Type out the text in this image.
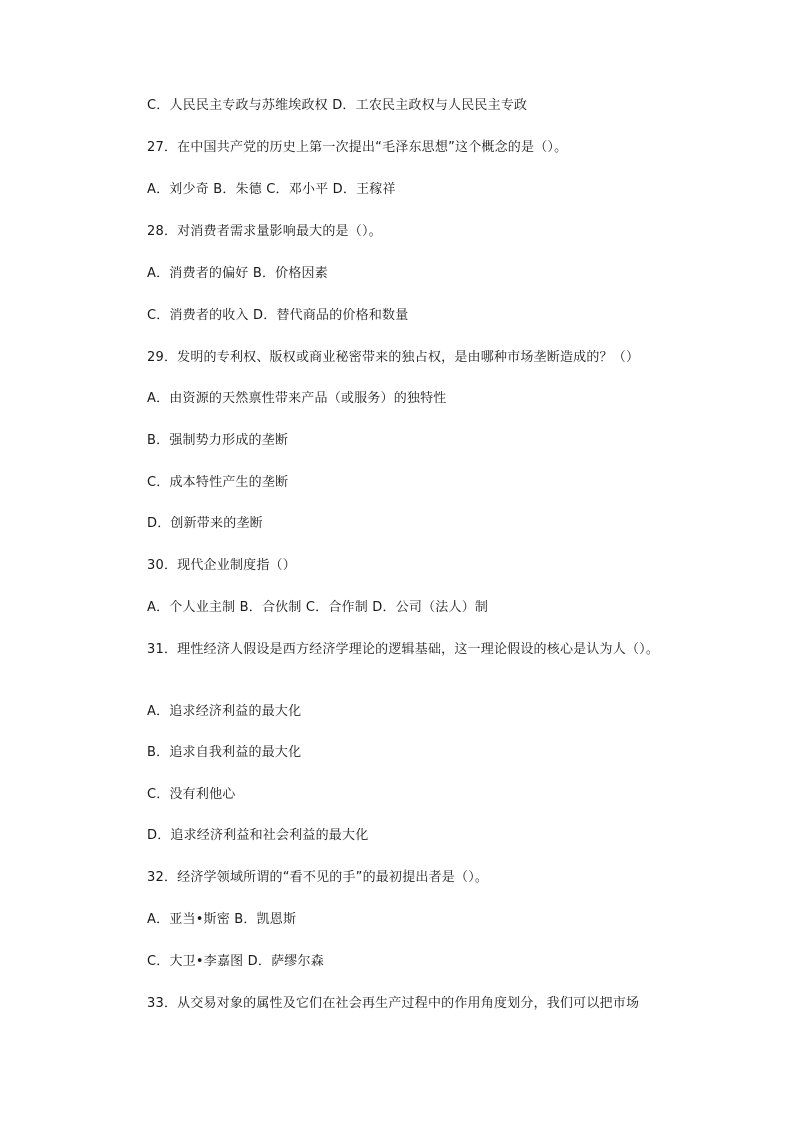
C．人民民主专政与苏维埃政权 D．工农民主政权与人民民主专政
27．在中国共产党的历史上第一次提出“毛泽东思想”这个概念的是（）。
A．刘少奇 B．朱德 C．邓小平 D．王稼祥
28．对消费者需求量影响最大的是（）。
A．消费者的偏好 B．价格因素
C．消费者的收入 D．替代商品的价格和数量
29．发明的专利权、版权或商业秘密带来的独占权，是由哪种市场垄断造成的？（）
A．由资源的天然禀性带来产品（或服务）的独特性
B．强制势力形成的垄断
C．成本特性产生的垄断
D．创新带来的垄断
30．现代企业制度指（）
A．个人业主制 B．合伙制 C．合作制 D．公司（法人）制
31．理性经济人假设是西方经济学理论的逻辑基础，这一理论假设的核心是认为人（）。
A．追求经济利益的最大化
B．追求自我利益的最大化
C．没有利他心
D．追求经济利益和社会利益的最大化
32．经济学领域所谓的“看不见的手”的最初提出者是（）。
A．亚当•斯密 B．凯恩斯
C．大卫•李嘉图 D．萨缪尔森
33．从交易对象的属性及它们在社会再生产过程中的作用角度划分，我们可以把市场
